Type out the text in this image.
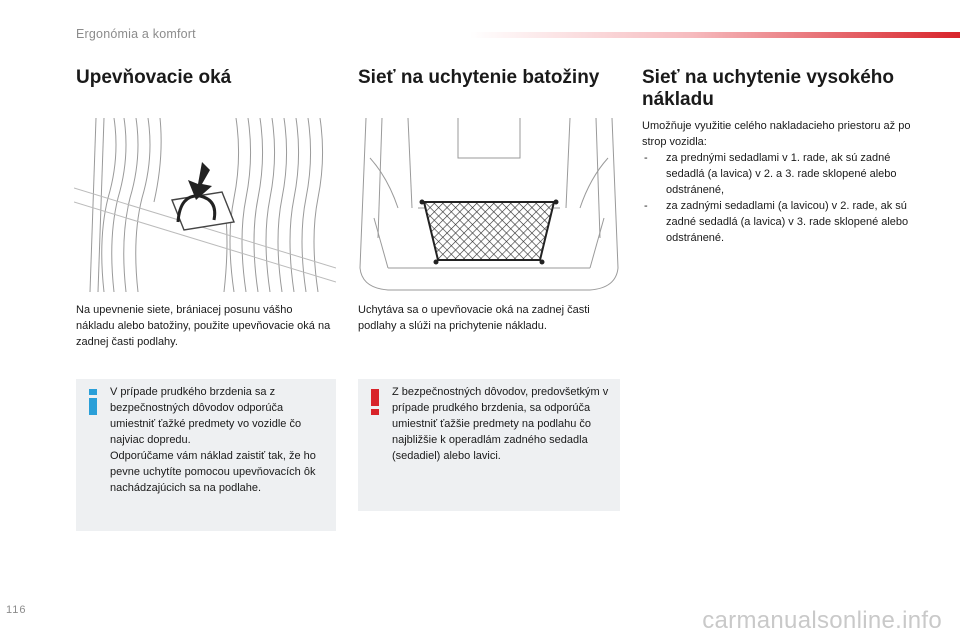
Ergonómia a komfort
Upevňovacie oká
Na upevnenie siete, brániacej posunu vášho nákladu alebo batožiny, použite upevňovacie oká na zadnej časti podlahy.
V prípade prudkého brzdenia sa z bezpečnostných dôvodov odporúča umiestniť ťažké predmety vo vozidle čo najviac dopredu.
Odporúčame vám náklad zaistiť tak, že ho pevne uchytíte pomocou upevňovacích ôk nachádzajúcich sa na podlahe.
Sieť na uchytenie batožiny
Uchytáva sa o upevňovacie oká na zadnej časti podlahy a slúži na prichytenie nákladu.
Z bezpečnostných dôvodov, predovšetkým v prípade prudkého brzdenia, sa odporúča umiestniť ťažšie predmety na podlahu čo najbližšie k operadlám zadného sedadla (sedadiel) alebo lavici.
Sieť na uchytenie vysokého nákladu
Umožňuje využitie celého nakladacieho priestoru až po strop vozidla:
- za prednými sedadlami v 1. rade, ak sú zadné sedadlá (a lavica) v 2. a 3. rade sklopené alebo odstránené,
- za zadnými sedadlami (a lavicou) v 2. rade, ak sú zadné sedadlá (a lavica) v 3. rade sklopené alebo odstránené.
116	carmanualsonline.info
